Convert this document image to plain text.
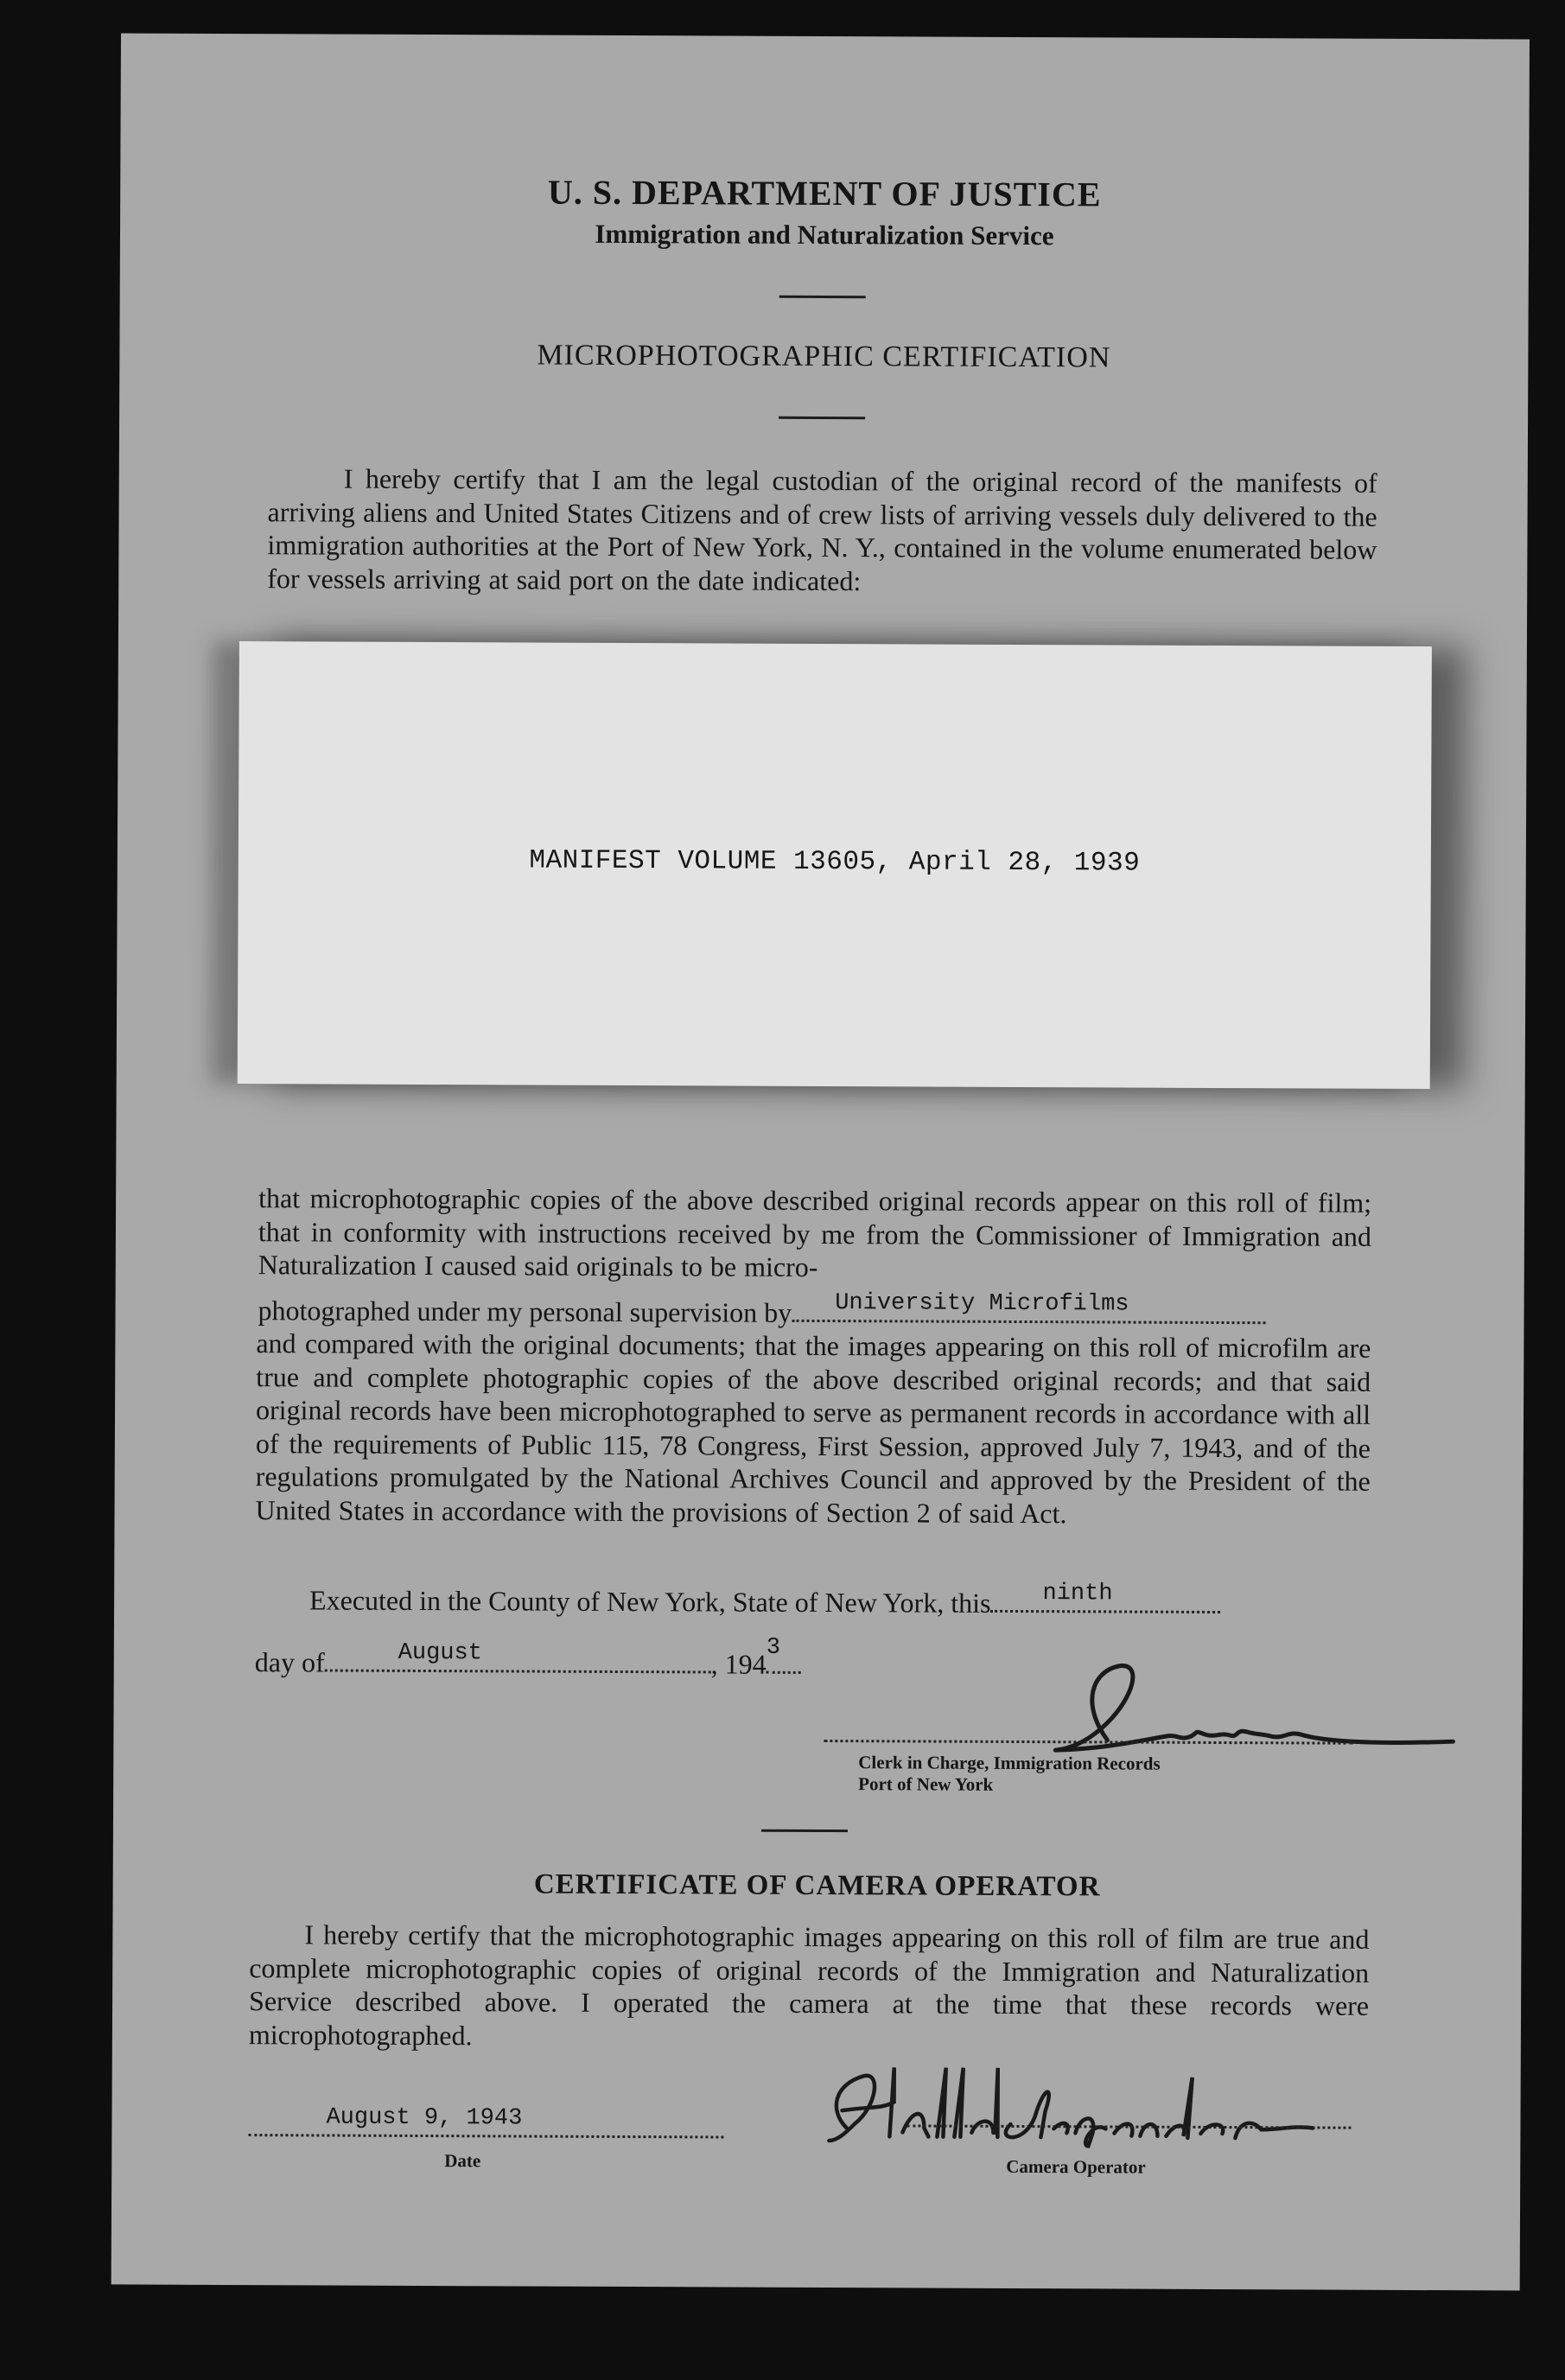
U. S. DEPARTMENT OF JUSTICE
Immigration and Naturalization Service
MICROPHOTOGRAPHIC CERTIFICATION
I hereby certify that I am the legal custodian of the original record of the manifests of arriving aliens and United States Citizens and of crew lists of arriving vessels duly delivered to the immigration authorities at the Port of New York, N. Y., contained in the volume enumerated below for vessels arriving at said port on the date indicated:
MANIFEST VOLUME 13605, April 28, 1939
that microphotographic copies of the above described original records appear on this roll of film; that in conformity with instructions received by me from the Commissioner of Immigration and Naturalization I caused said originals to be micro-
photographed under my personal supervision by University Microfilms
and compared with the original documents; that the images appearing on this roll of microfilm are true and complete photographic copies of the above described original records; and that said original records have been microphotographed to serve as permanent records in accordance with all of the requirements of Public 115, 78 Congress, First Session, approved July 7, 1943, and of the regulations promulgated by the National Archives Council and approved by the President of the United States in accordance with the provisions of Section 2 of said Act.
Executed in the County of New York, State of New York, this ninth
day of	August	, 194
3
Clerk in Charge, Immigration Records
Port of New York
CERTIFICATE OF CAMERA OPERATOR
I hereby certify that the microphotographic images appearing on this roll of film are true and complete microphotographic copies of original records of the Immigration and Naturalization Service described above. I operated the camera at the time that these records were microphotographed.
August 9, 1943
Date	Camera Operator
